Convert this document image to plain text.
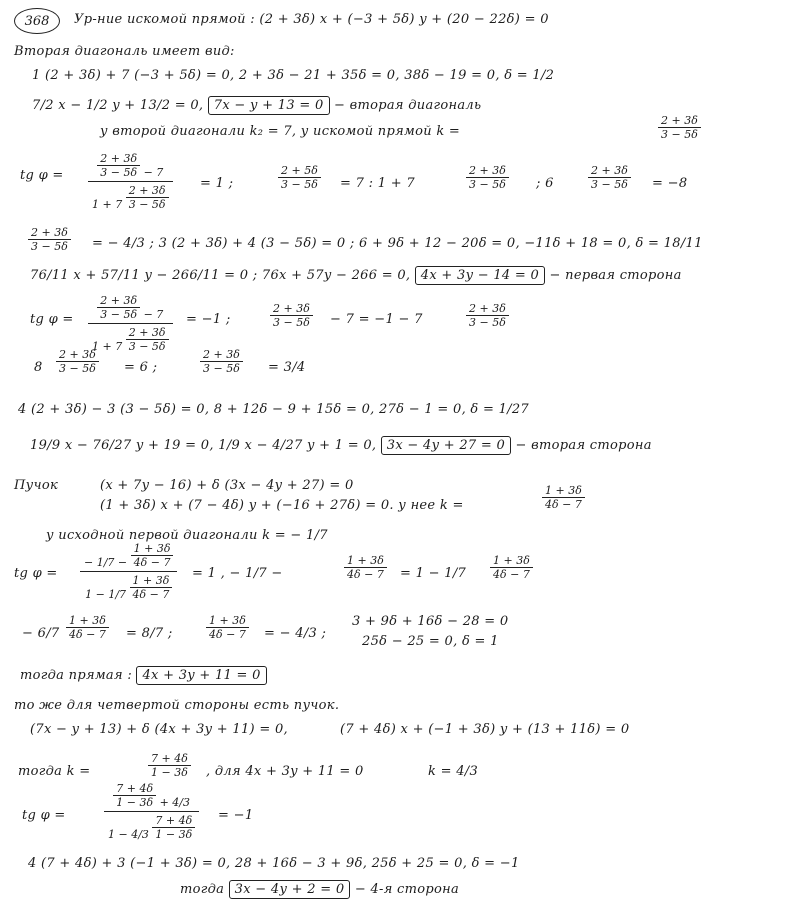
368	Ур-ние искомой прямой : (2 + 3δ) x + (−3 + 5δ) y + (20 − 22δ) = 0
Вторая диагональ имеет вид:
1 (2 + 3δ) + 7 (−3 + 5δ) = 0, 2 + 3δ − 21 + 35δ = 0, 38δ − 19 = 0, δ = 1/2
7/2 x − 1/2 y + 13/2 = 0, 7x − y + 13 = 0 − вторая диагональ
у второй диагонали k₂ = 7, у искомой прямой k =	$\frac{2 + 3\delta}{3 - 5\delta}$
tg φ =	$\frac{2 + 3\delta}{3 - 5\delta} - 7$
$1 + 7 \frac{2 + 3\delta}{3 - 5\delta}$
= 1 ;	$\frac{2 + 5\delta}{3 - 5\delta} = 7$ : 1 + 7	$\frac{2 + 3\delta}{3 - 5\delta}$ ; 6	$\frac{2 + 3\delta}{3 - 5\delta} = -8$
$\frac{2 + 3\delta}{3 - 5\delta}$ = − 4/3 ; 3 (2 + 3δ) + 4 (3 − 5δ) = 0 ; 6 + 9δ + 12 − 20δ = 0, −11δ + 18 = 0, δ = 18/11
76/11 x + 57/11 y − 266/11 = 0 ; 76x + 57y − 266 = 0, 4x + 3y − 14 = 0 − первая сторона
tg $\varphi = \frac{2 + 3\delta}{3 - 5\delta} - 7$
$1 + 7 \frac{2 + 3\delta}{3 - 5\delta}$
= −1 ;	$\frac{2 + 3\delta}{3 - 5\delta} - 7 = -1 - 7$	$\frac{2 + 3\delta}{3 - 5\delta}$
$8 \frac{2 + 3\delta}{3 - 5\delta} = 6$ ;	$\frac{2 + 3\delta}{3 - 5\delta} = 3/4$
4 (2 + 3δ) − 3 (3 − 5δ) = 0, 8 + 12δ − 9 + 15δ = 0, 27δ − 1 = 0, δ = 1/27
19/9 x − 76/27 y + 19 = 0, 1/9 x − 4/27 y + 1 = 0, 3x − 4y + 27 = 0 − вторая сторона
Пучок	(x + 7y − 16) + δ (3x − 4y + 27) = 0
(1 + 3δ) x + (7 − 4δ) y + (−16 + 27δ) = 0. у нее k =	$\frac{1 + 3\delta}{4\delta - 7}$
у исходной первой диагонали k = − 1/7
tg φ =
− $1/7 - \frac{1 + 3\delta}{4\delta - 7}$
$1 - 1/7 \frac{1 + 3\delta}{4\delta - 7}$
= 1 , − 1/7 −	$\frac{1 + 3\delta}{4\delta - 7} = 1 - 1/7 \frac{1 + 3\delta}{4\delta - 7}$
− $6/7 \frac{1 + 3\delta}{4\delta - 7} = 8/7$ ;	$\frac{1 + 3\delta}{4\delta - 7}$ = − 4/3 ;
3 + 9δ + 16δ − 28 = 0
25δ − 25 = 0, δ = 1
тогда прямая : 4x + 3y + 11 = 0
то же для четвертой стороны есть пучок.
(7x − y + 13) + δ (4x + 3y + 11) = 0,	(7 + 4δ) x + (−1 + 3δ) y + (13 + 11δ) = 0
тогда k =	$\frac{7 + 4\delta}{1 - 3\delta}$ , для 4x + 3y + 11 = 0	k = 4/3
tg φ =
$\frac{7 + 4\delta}{1 - 3\delta} + 4/3$
$1 - 4/3 \frac{7 + 4\delta}{1 - 3\delta} = -1$
4 (7 + 4δ) + 3 (−1 + 3δ) = 0, 28 + 16δ − 3 + 9δ, 25δ + 25 = 0, δ = −1
тогда 3x − 4y + 2 = 0 − 4-я сторона
